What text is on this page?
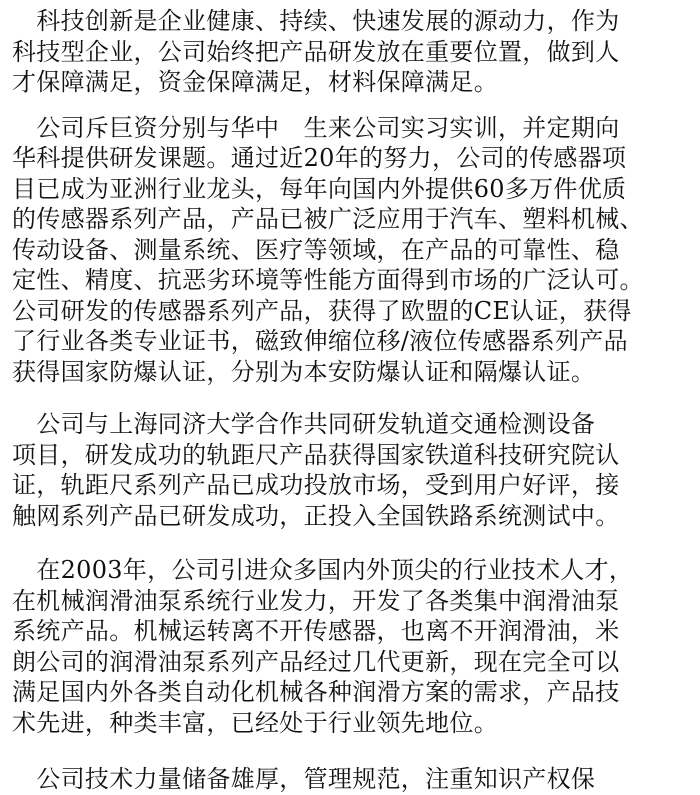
　科技创新是企业健康、持续、快速发展的源动力，作为
科技型企业，公司始终把产品研发放在重要位置，做到人
才保障满足，资金保障满足，材料保障满足。
　公司斥巨资分别与华中　生来公司实习实训，并定期向
华科提供研发课题。通过近20年的努力，公司的传感器项
目已成为亚洲行业龙头，每年向国内外提供60多万件优质
的传感器系列产品，产品已被广泛应用于汽车、塑料机械、
传动设备、测量系统、医疗等领域，在产品的可靠性、稳
定性、精度、抗恶劣环境等性能方面得到市场的广泛认可。
公司研发的传感器系列产品，获得了欧盟的CE认证，获得
了行业各类专业证书，磁致伸缩位移/液位传感器系列产品
获得国家防爆认证，分别为本安防爆认证和隔爆认证。
　公司与上海同济大学合作共同研发轨道交通检测设备
项目，研发成功的轨距尺产品获得国家铁道科技研究院认
证，轨距尺系列产品已成功投放市场，受到用户好评，接
触网系列产品已研发成功，正投入全国铁路系统测试中。
　在2003年，公司引进众多国内外顶尖的行业技术人才，
在机械润滑油泵系统行业发力，开发了各类集中润滑油泵
系统产品。机械运转离不开传感器，也离不开润滑油，米
朗公司的润滑油泵系列产品经过几代更新，现在完全可以
满足国内外各类自动化机械各种润滑方案的需求，产品技
术先进，种类丰富，已经处于行业领先地位。
　公司技术力量储备雄厚，管理规范，注重知识产权保
